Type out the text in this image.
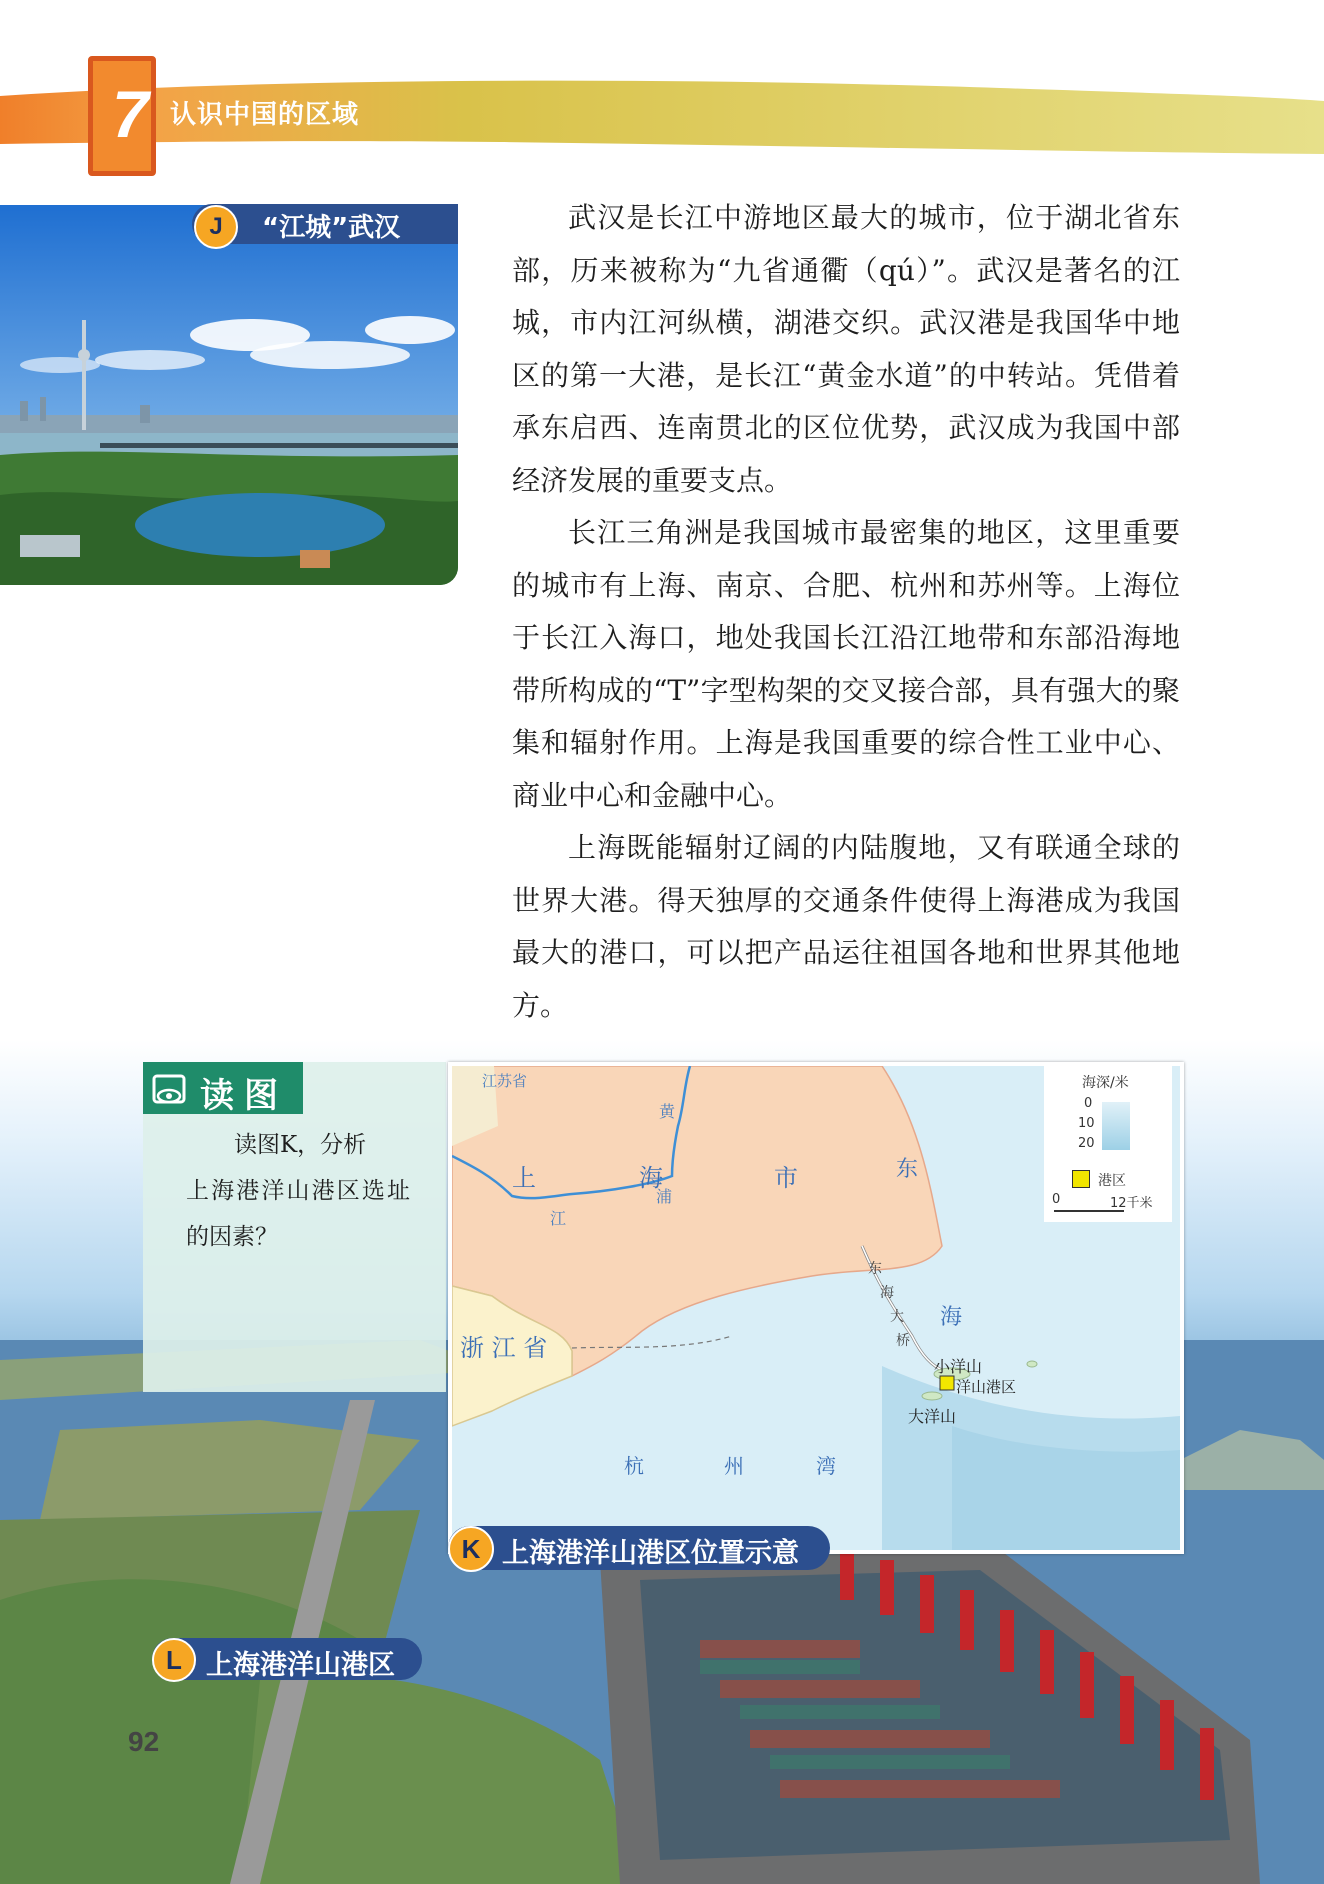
7 认识中国的区域
J	“江城”武汉	武汉是长江中游地区最大的城市，位于湖北省东部，历来被称为“九省通衢（qú）”。武汉是著名的江城，市内江河纵横，湖港交织。武汉港是我国华中地区的第一大港，是长江“黄金水道”的中转站。凭借着承东启西、连南贯北的区位优势，武汉成为我国中部经济发展的重要支点。

长江三角洲是我国城市最密集的地区，这里重要的城市有上海、南京、合肥、杭州和苏州等。上海位于长江入海口，地处我国长江沿江地带和东部沿海地带所构成的“T”字型构架的交叉接合部，具有强大的聚集和辐射作用。上海是我国重要的综合性工业中心、商业中心和金融中心。

上海既能辐射辽阔的内陆腹地，又有联通全球的世界大港。得天独厚的交通条件使得上海港成为我国最大的港口，可以把产品运往祖国各地和世界其他地方。

读图
读图K，分析
上海港洋山港区选址的因素？
江苏省
上	海	市
黄
浦
江
东
海
东
海
大
桥
浙 江 省
杭	州	湾
小洋山
洋山港区
大洋山
海深/米
0
10
20
港区
0	12千米
K 上海港洋山港区位置示意
L 上海港洋山港区
92
